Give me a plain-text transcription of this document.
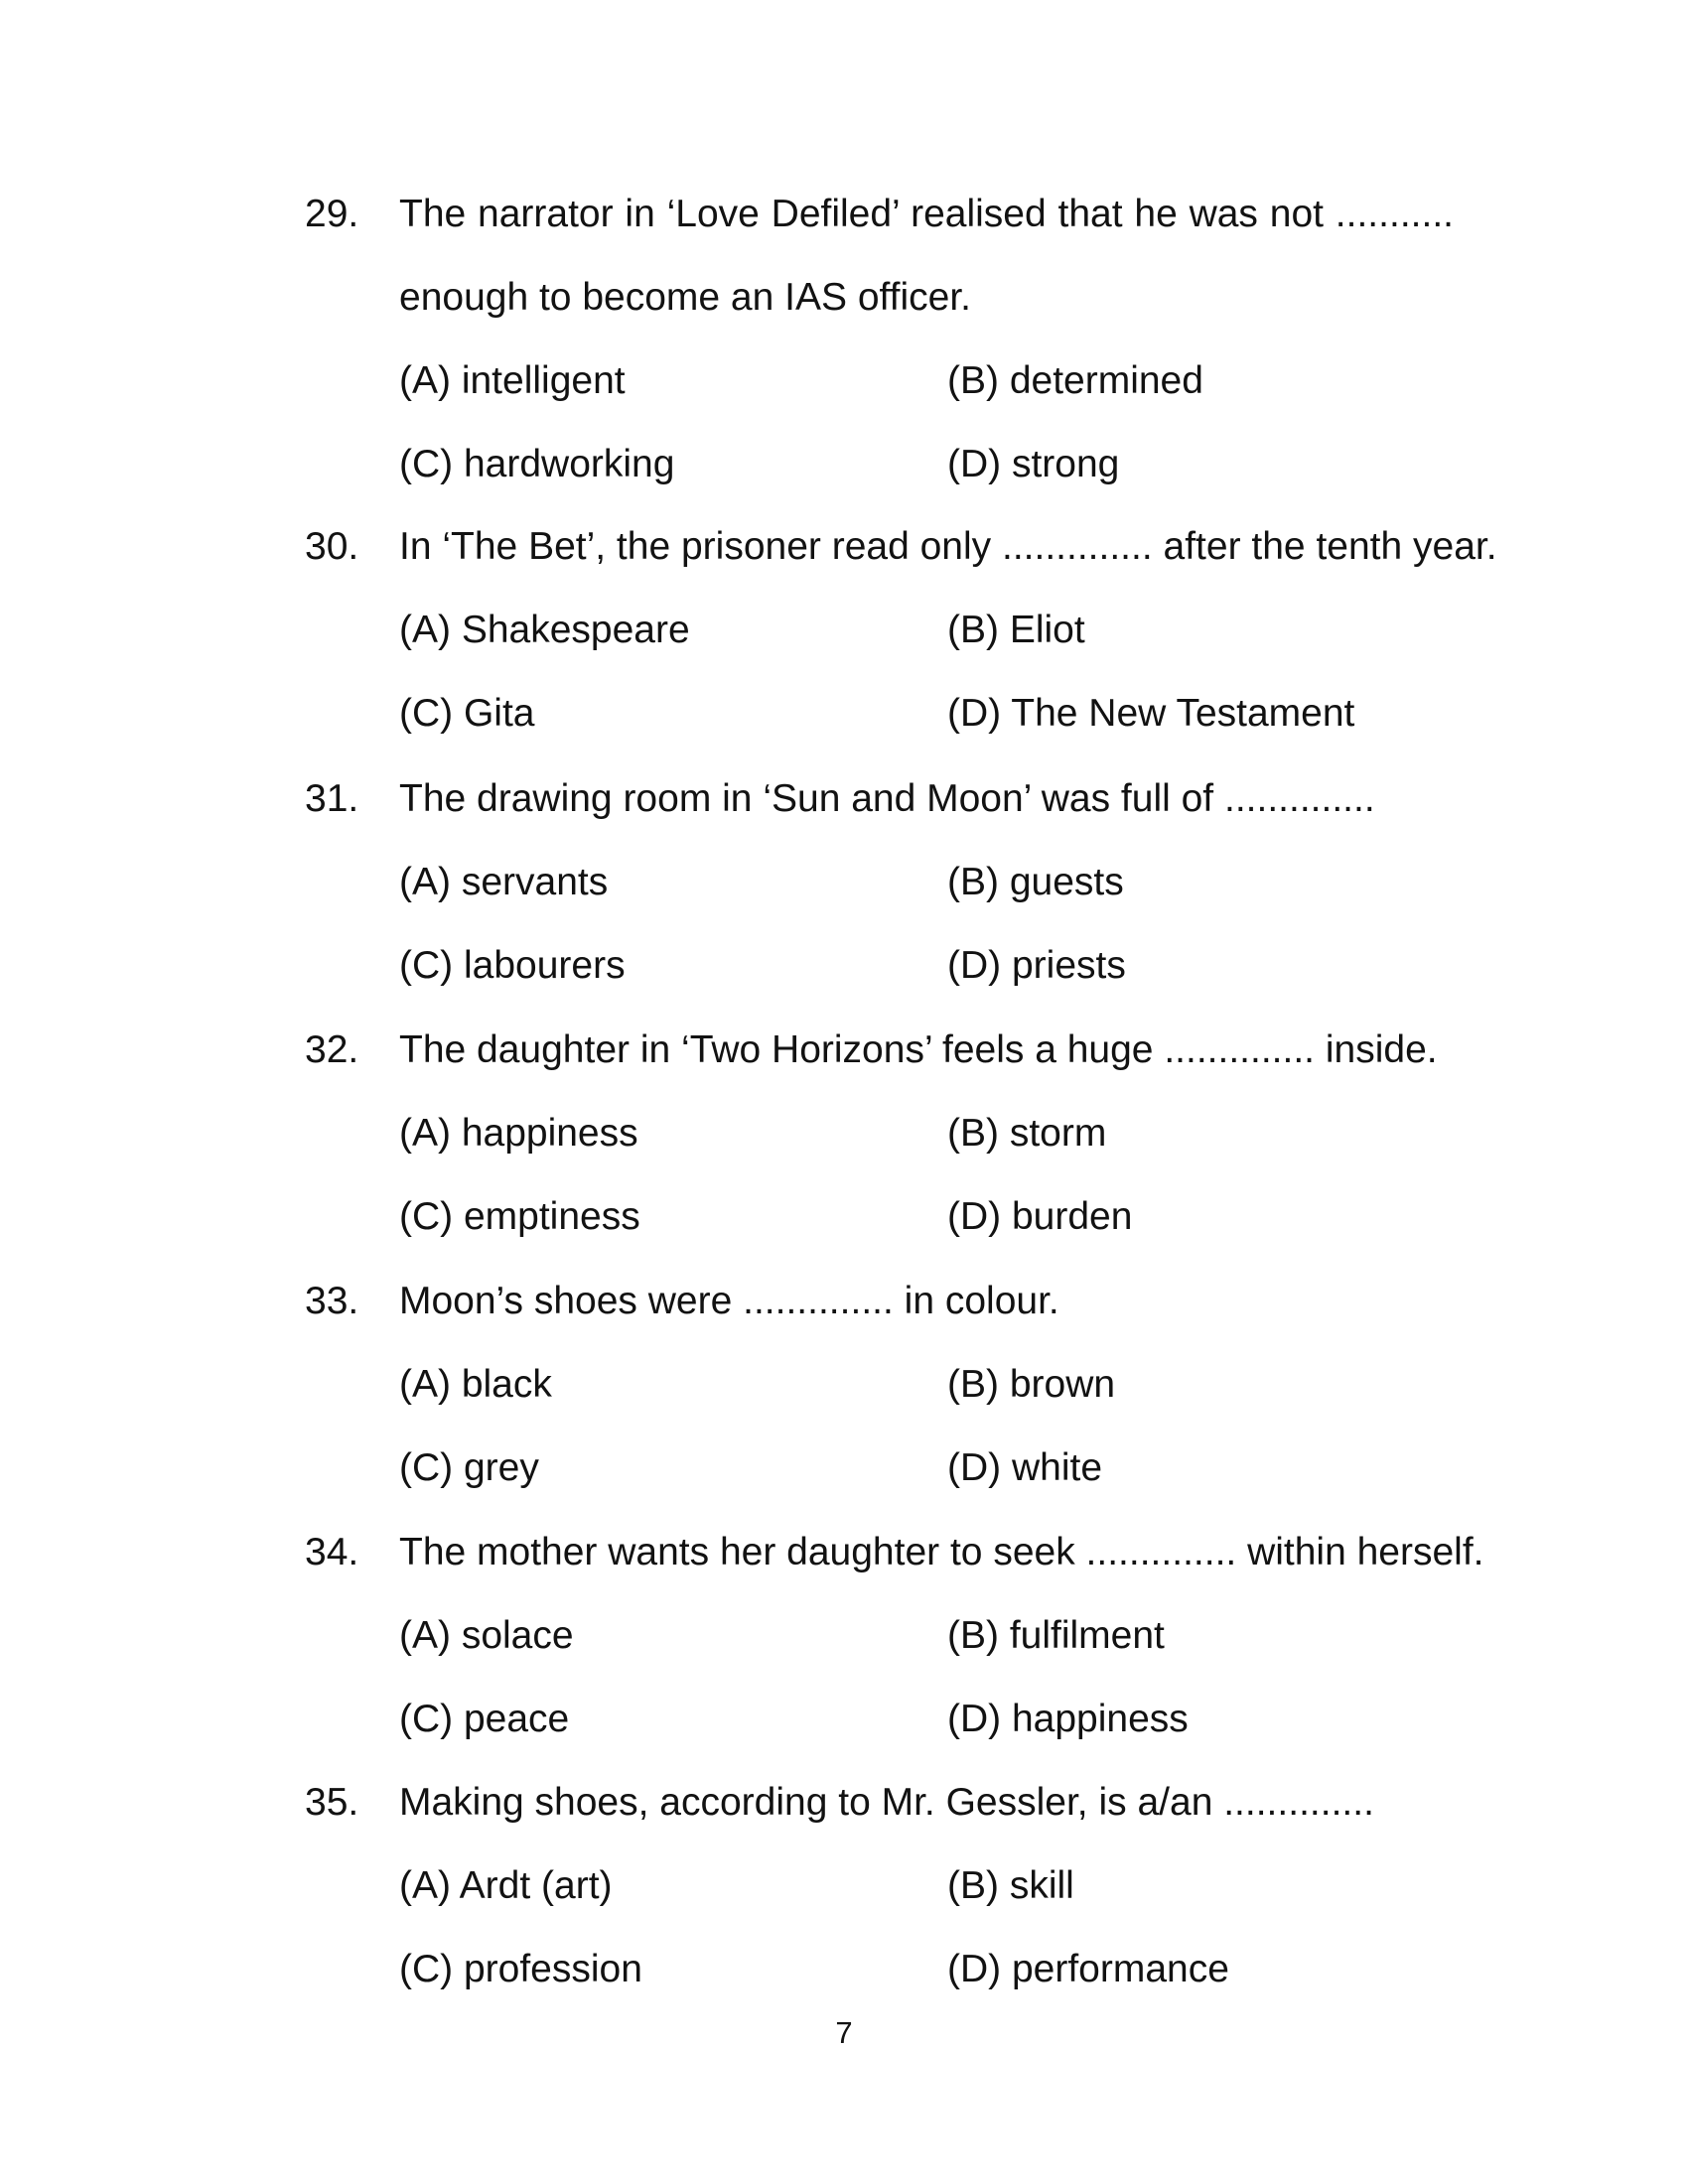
29. The narrator in ‘Love Defiled’ realised that he was not ...........
enough to become an IAS officer.
(A) intelligent	(B) determined
(C) hardworking	(D) strong
30. In ‘The Bet’, the prisoner read only .............. after the tenth year.
(A) Shakespeare	(B) Eliot
(C) Gita	(D) The New Testament
31. The drawing room in ‘Sun and Moon’ was full of ..............
(A) servants	(B) guests
(C) labourers	(D) priests
32. The daughter in ‘Two Horizons’ feels a huge .............. inside.
(A) happiness	(B) storm
(C) emptiness	(D) burden
33. Moon’s shoes were .............. in colour.
(A) black	(B) brown
(C) grey	(D) white
34. The mother wants her daughter to seek .............. within herself.
(A) solace	(B) fulfilment
(C) peace	(D) happiness
35. Making shoes, according to Mr. Gessler, is a/an ..............
(A) Ardt (art)	(B) skill
(C) profession	(D) performance
7
